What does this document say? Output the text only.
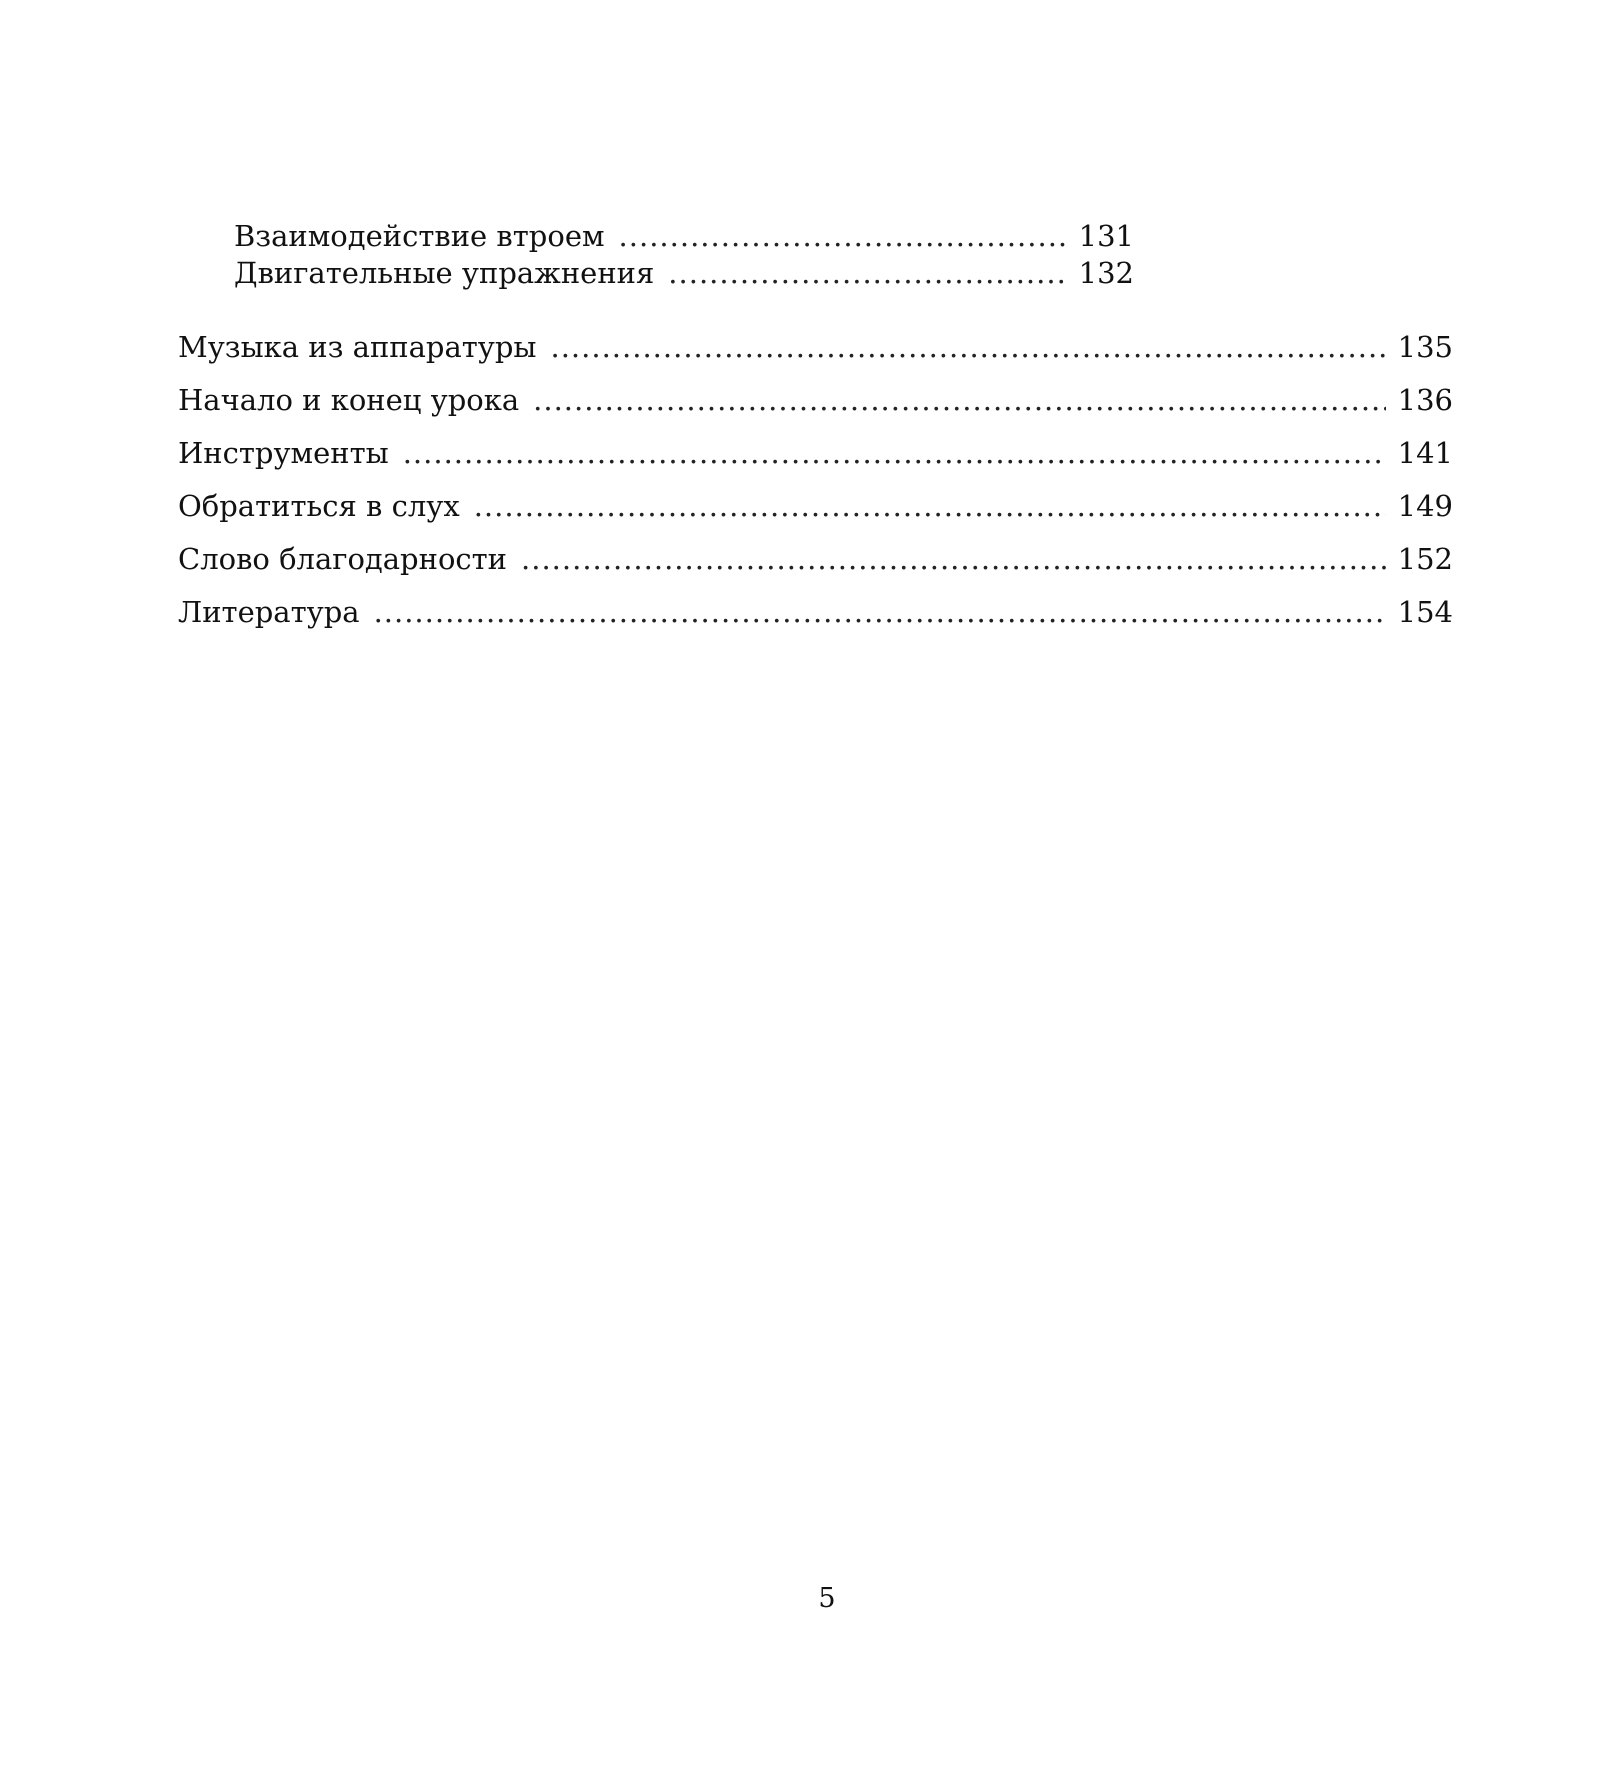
Взаимодействие втроем .....	131
Двигательные упражнения .....	132
Музыка из аппаратуры .....	135
Начало и конец урока .....	136
Инструменты .....	141
Обратиться в слух .....	149
Слово благодарности .....	152
Литература .....	154
5
